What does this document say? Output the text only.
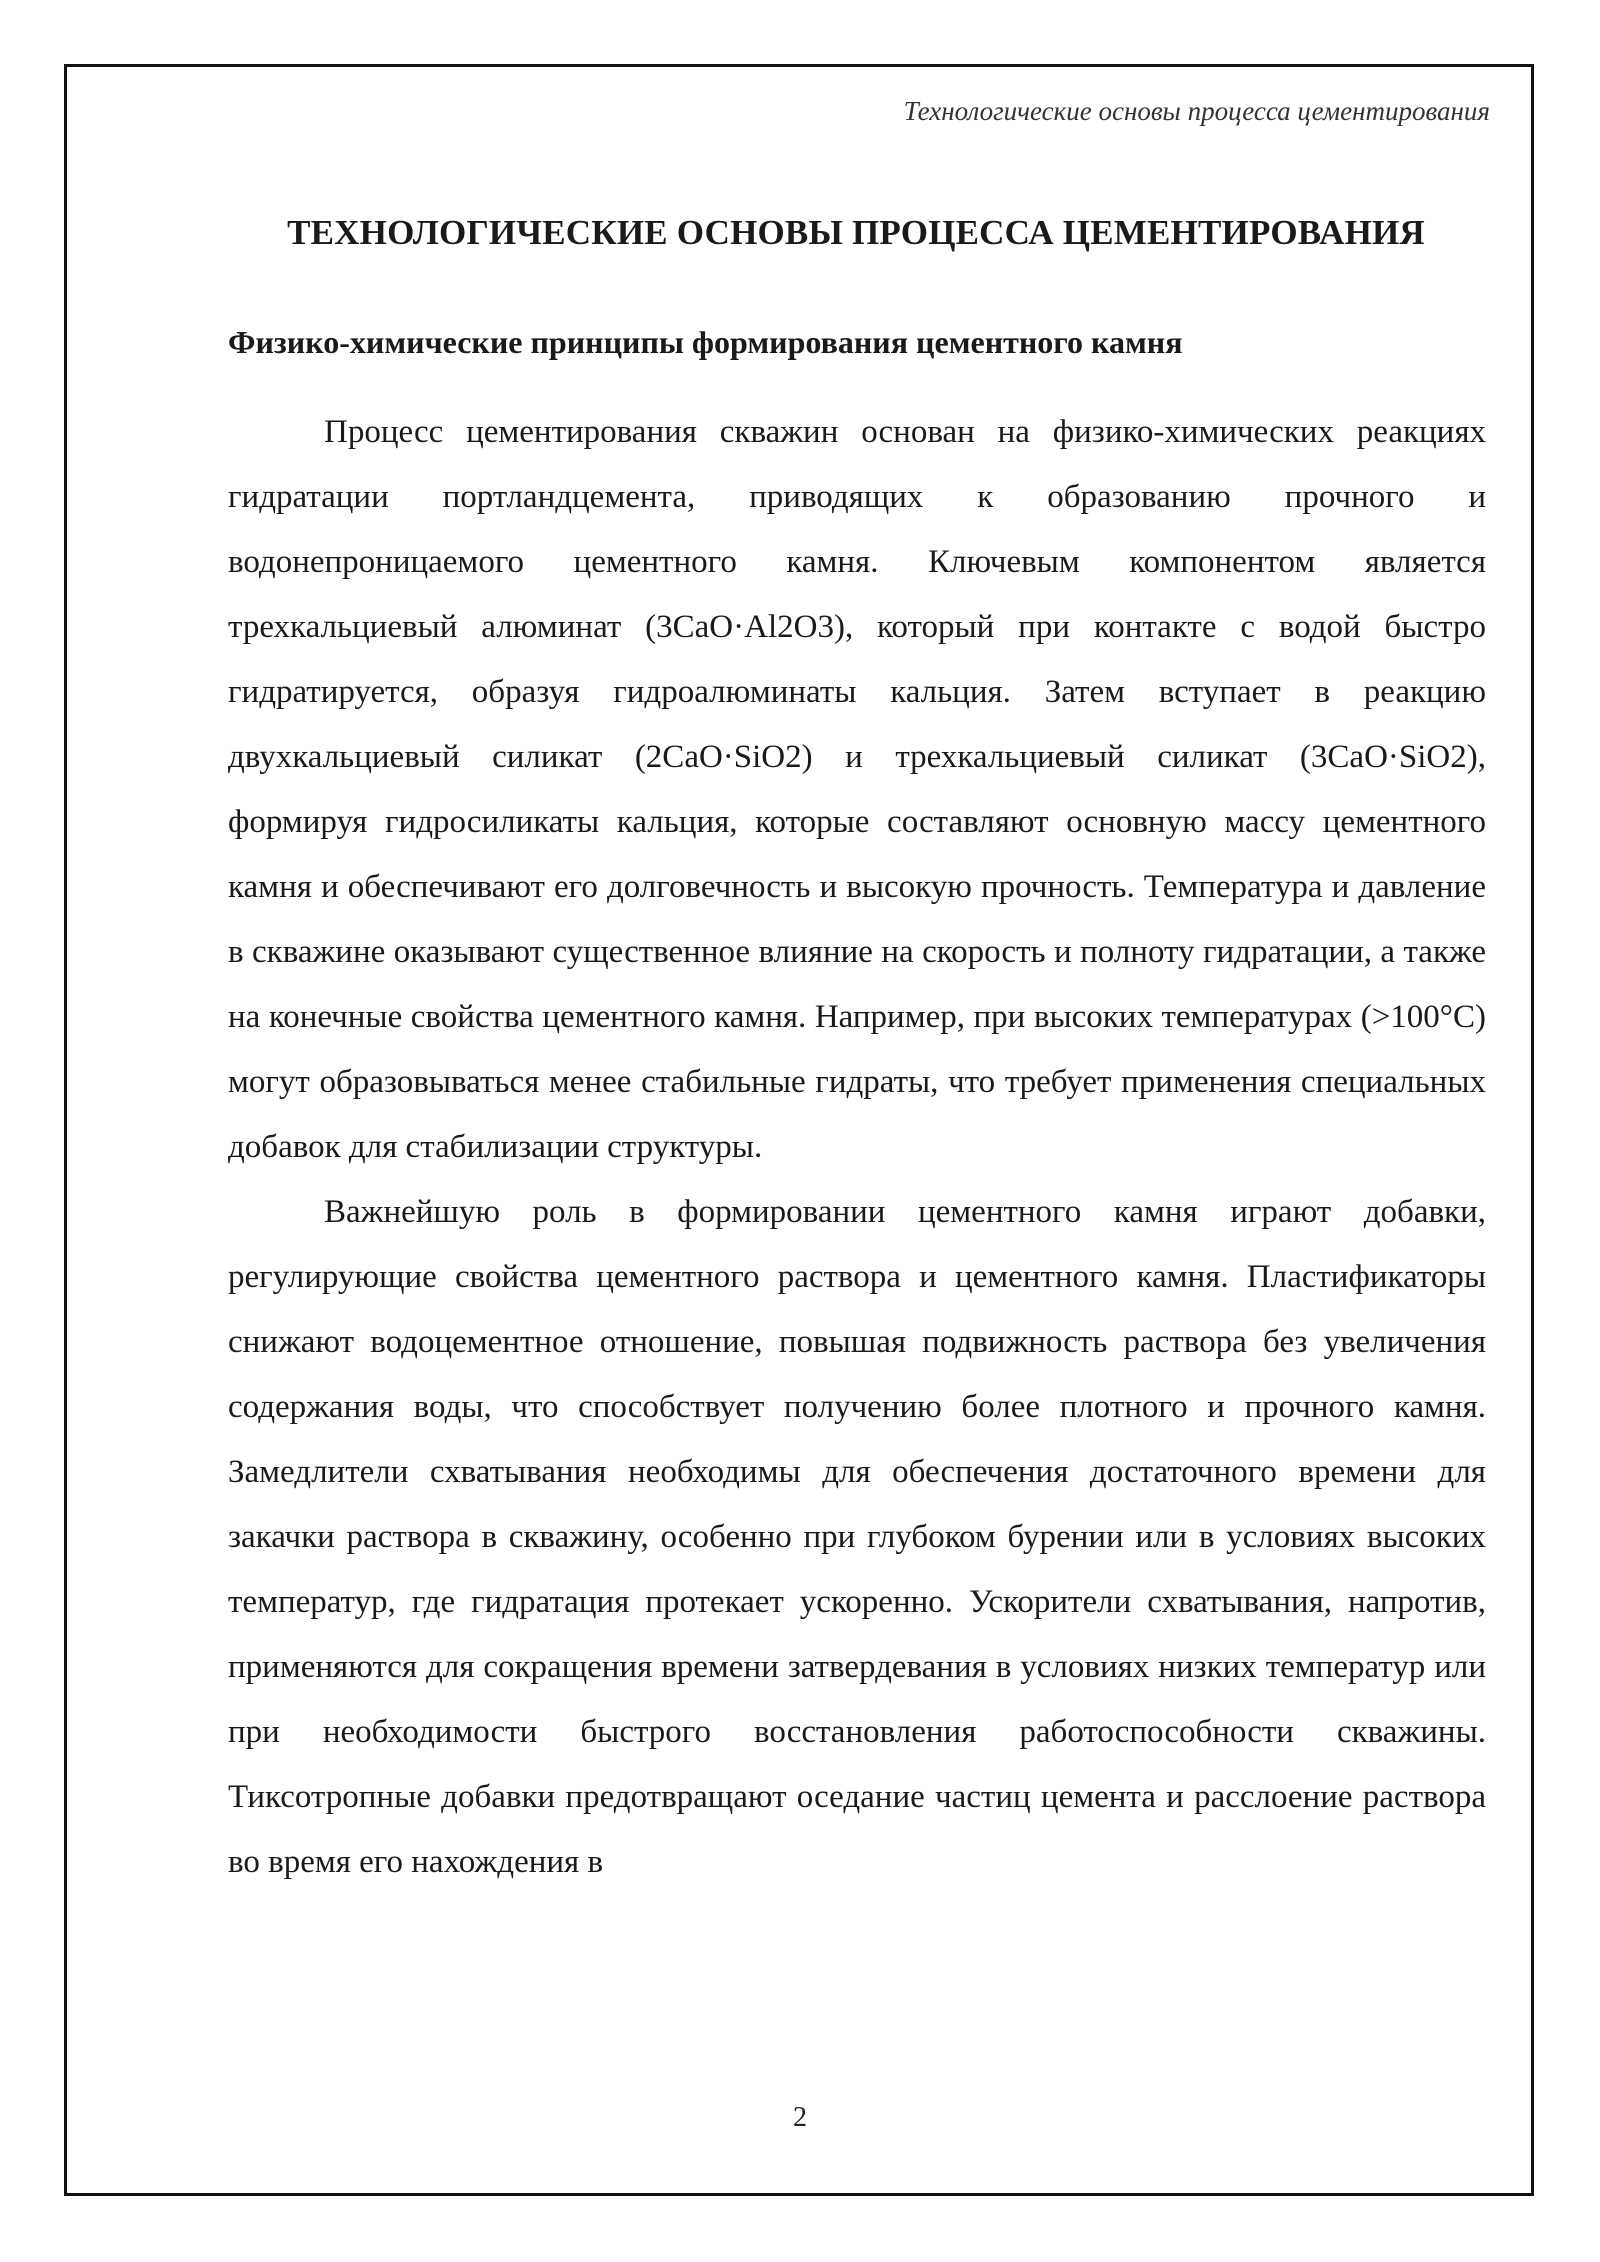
Технологические основы процесса цементирования
ТЕХНОЛОГИЧЕСКИЕ ОСНОВЫ ПРОЦЕССА ЦЕМЕНТИРОВАНИЯ
Физико-химические принципы формирования цементного камня

Процесс цементирования скважин основан на физико-химических реакциях гидратации портландцемента, приводящих к образованию прочного и водонепроницаемого цементного камня. Ключевым компонентом является трехкальциевый алюминат (3CaO·Al2O3), который при контакте с водой быстро гидратируется, образуя гидроалюминаты кальция. Затем вступает в реакцию двухкальциевый силикат (2CaO·SiO2) и трехкальциевый силикат (3CaO·SiO2), формируя гидросиликаты кальция, которые составляют основную массу цементного камня и обеспечивают его долговечность и высокую прочность. Температура и давление в скважине оказывают существенное влияние на скорость и полноту гидратации, а также на конечные свойства цементного камня. Например, при высоких температурах (>100°C) могут образовываться менее стабильные гидраты, что требует применения специальных добавок для стабилизации структуры.

Важнейшую роль в формировании цементного камня играют добавки, регулирующие свойства цементного раствора и цементного камня. Пластификаторы снижают водоцементное отношение, повышая подвижность раствора без увеличения содержания воды, что способствует получению более плотного и прочного камня. Замедлители схватывания необходимы для обеспечения достаточного времени для закачки раствора в скважину, особенно при глубоком бурении или в условиях высоких температур, где гидратация протекает ускоренно. Ускорители схватывания, напротив, применяются для сокращения времени затвердевания в условиях низких температур или при необходимости быстрого восстановления работоспособности скважины. Тиксотропные добавки предотвращают оседание частиц цемента и расслоение раствора во время его нахождения в

2
